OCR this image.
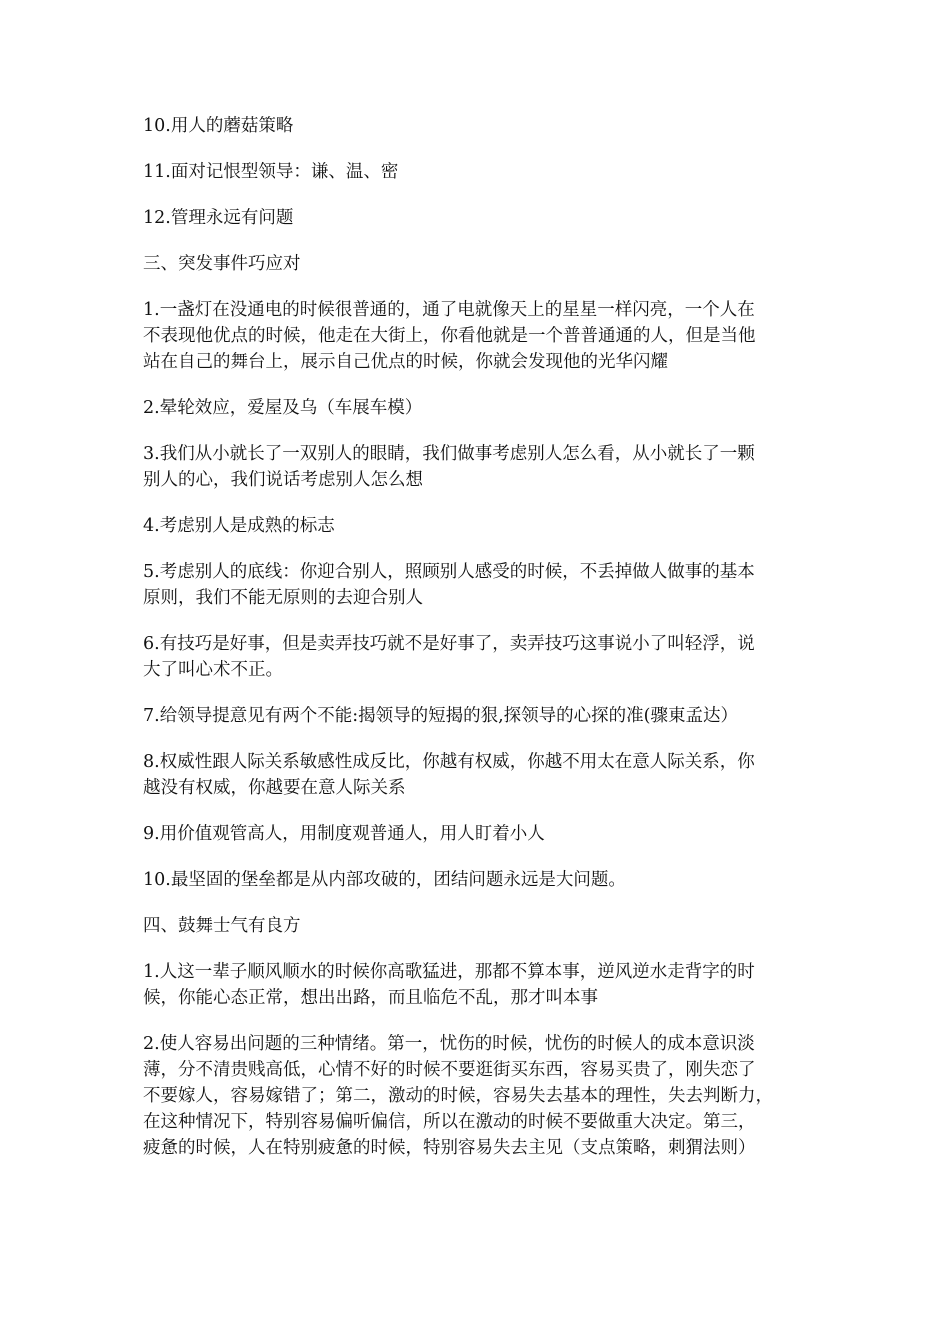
10.用人的蘑菇策略
11.面对记恨型领导：谦、温、密
12.管理永远有问题
三、突发事件巧应对
1.一盏灯在没通电的时候很普通的，通了电就像天上的星星一样闪亮，一个人在
不表现他优点的时候，他走在大街上，你看他就是一个普普通通的人，但是当他
站在自己的舞台上，展示自己优点的时候，你就会发现他的光华闪耀
2.晕轮效应，爱屋及乌（车展车模）
3.我们从小就长了一双别人的眼睛，我们做事考虑别人怎么看，从小就长了一颗
别人的心，我们说话考虑别人怎么想
4.考虑别人是成熟的标志
5.考虑别人的底线：你迎合别人，照顾别人感受的时候，不丢掉做人做事的基本
原则，我们不能无原则的去迎合别人
6.有技巧是好事，但是卖弄技巧就不是好事了，卖弄技巧这事说小了叫轻浮，说
大了叫心术不正。
7.给领导提意见有两个不能:揭领导的短揭的狠,探领导的心探的准(骤東孟达）
8.权威性跟人际关系敏感性成反比，你越有权威，你越不用太在意人际关系，你
越没有权威，你越要在意人际关系
9.用价值观管高人，用制度观普通人，用人盯着小人
10.最坚固的堡垒都是从内部攻破的，团结问题永远是大问题。
四、鼓舞士气有良方
1.人这一辈子顺风顺水的时候你高歌猛进，那都不算本事，逆风逆水走背字的时
候，你能心态正常，想出出路，而且临危不乱，那才叫本事
2.使人容易出问题的三种情绪。第一，忧伤的时候，忧伤的时候人的成本意识淡
薄，分不清贵贱高低，心情不好的时候不要逛街买东西，容易买贵了，刚失恋了
不要嫁人，容易嫁错了；第二，激动的时候，容易失去基本的理性，失去判断力，
在这种情况下，特别容易偏听偏信，所以在激动的时候不要做重大决定。第三，
疲惫的时候，人在特别疲惫的时候，特别容易失去主见（支点策略，刺猬法则）
